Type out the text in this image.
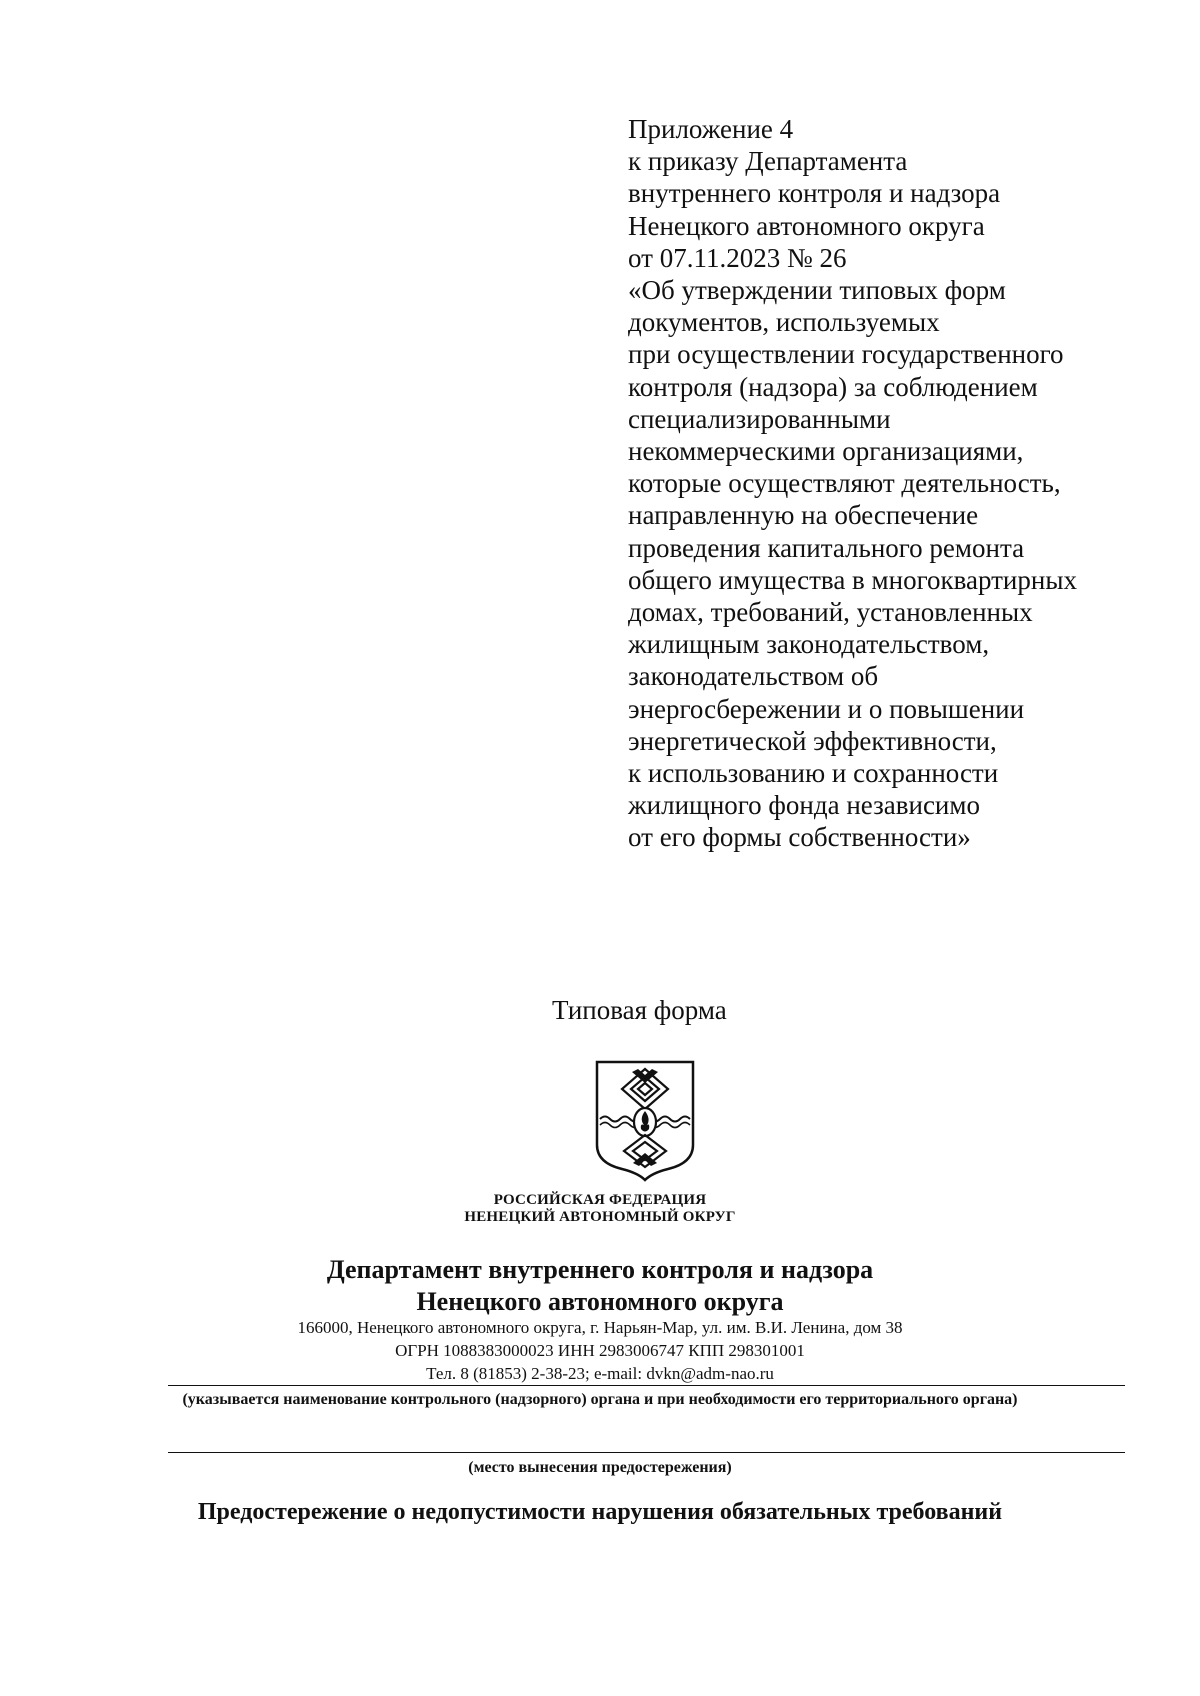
Приложение 4
к приказу Департамента
внутреннего контроля и надзора
Ненецкого автономного округа
от 07.11.2023 № 26
«Об утверждении типовых форм
документов, используемых
при осуществлении государственного
контроля (надзора) за соблюдением
специализированными
некоммерческими организациями,
которые осуществляют деятельность,
направленную на обеспечение
проведения капитального ремонта
общего имущества в многоквартирных
домах, требований, установленных
жилищным законодательством,
законодательством об
энергосбережении и о повышении
энергетической эффективности,
к использованию и сохранности
жилищного фонда независимо
от его формы собственности»
Типовая форма
РОССИЙСКАЯ ФЕДЕРАЦИЯ
НЕНЕЦКИЙ АВТОНОМНЫЙ ОКРУГ
Департамент внутреннего контроля и надзора
Ненецкого автономного округа
166000, Ненецкого автономного округа, г. Нарьян-Мар, ул. им. В.И. Ленина, дом 38
ОГРН 1088383000023 ИНН 2983006747 КПП 298301001
Тел. 8 (81853) 2-38-23; e-mail: dvkn@adm-nao.ru
(указывается наименование контрольного (надзорного) органа и при необходимости его территориального органа)
(место вынесения предостережения)
Предостережение о недопустимости нарушения обязательных требований
